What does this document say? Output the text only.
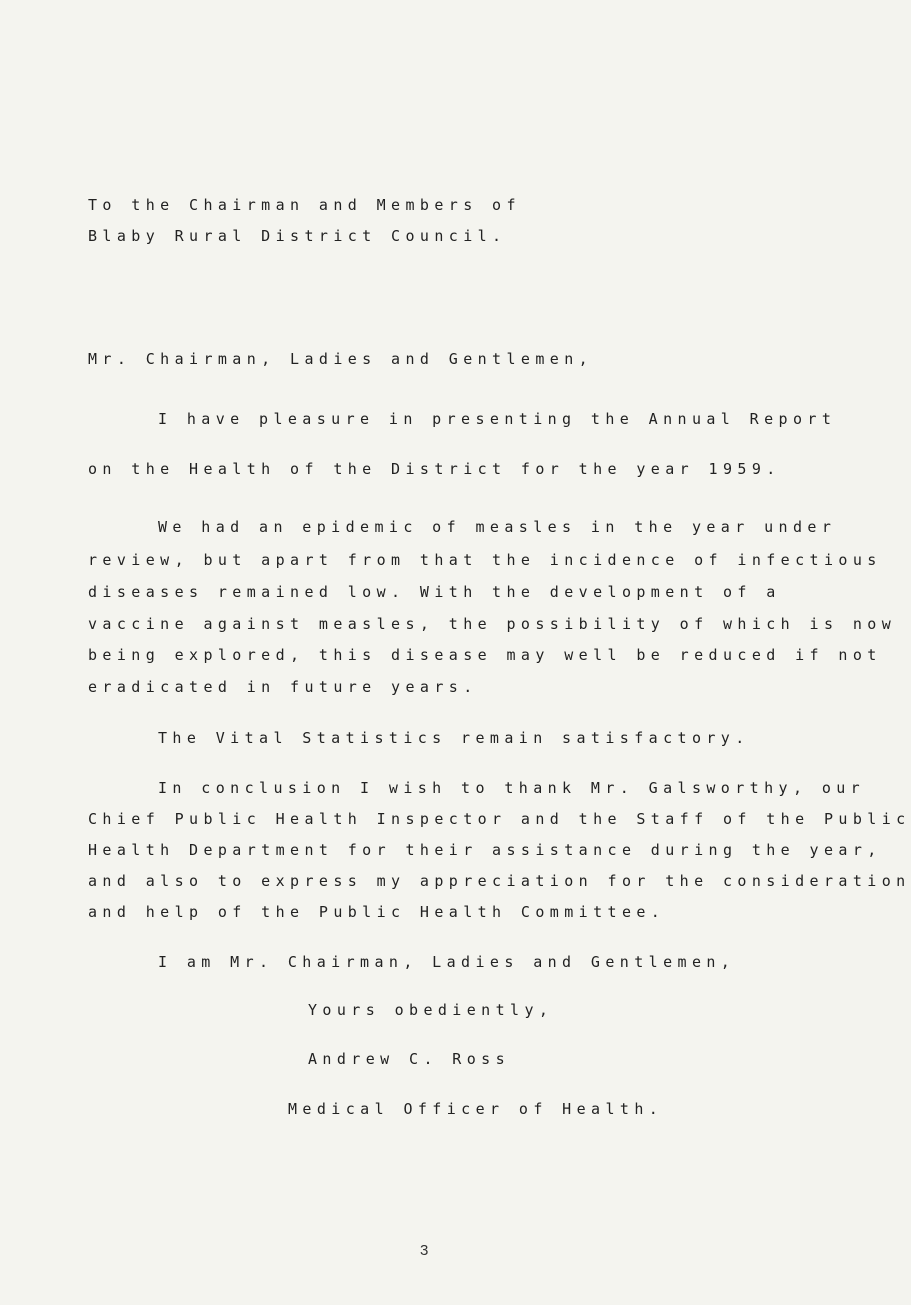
To the Chairman and Members of
Blaby Rural District Council.
Mr. Chairman, Ladies and Gentlemen,
I have pleasure in presenting the Annual Report
on the Health of the District for the year 1959.
We had an epidemic of measles in the year under
review, but apart from that the incidence of infectious
diseases remained low. With the development of a
vaccine against measles, the possibility of which is now
being explored, this disease may well be reduced if not
eradicated in future years.
The Vital Statistics remain satisfactory.
In conclusion I wish to thank Mr. Galsworthy, our
Chief Public Health Inspector and the Staff of the Public
Health Department for their assistance during the year,
and also to express my appreciation for the consideration
and help of the Public Health Committee.
I am Mr. Chairman, Ladies and Gentlemen,
Yours obediently,
Andrew C. Ross
Medical Officer of Health.
3
